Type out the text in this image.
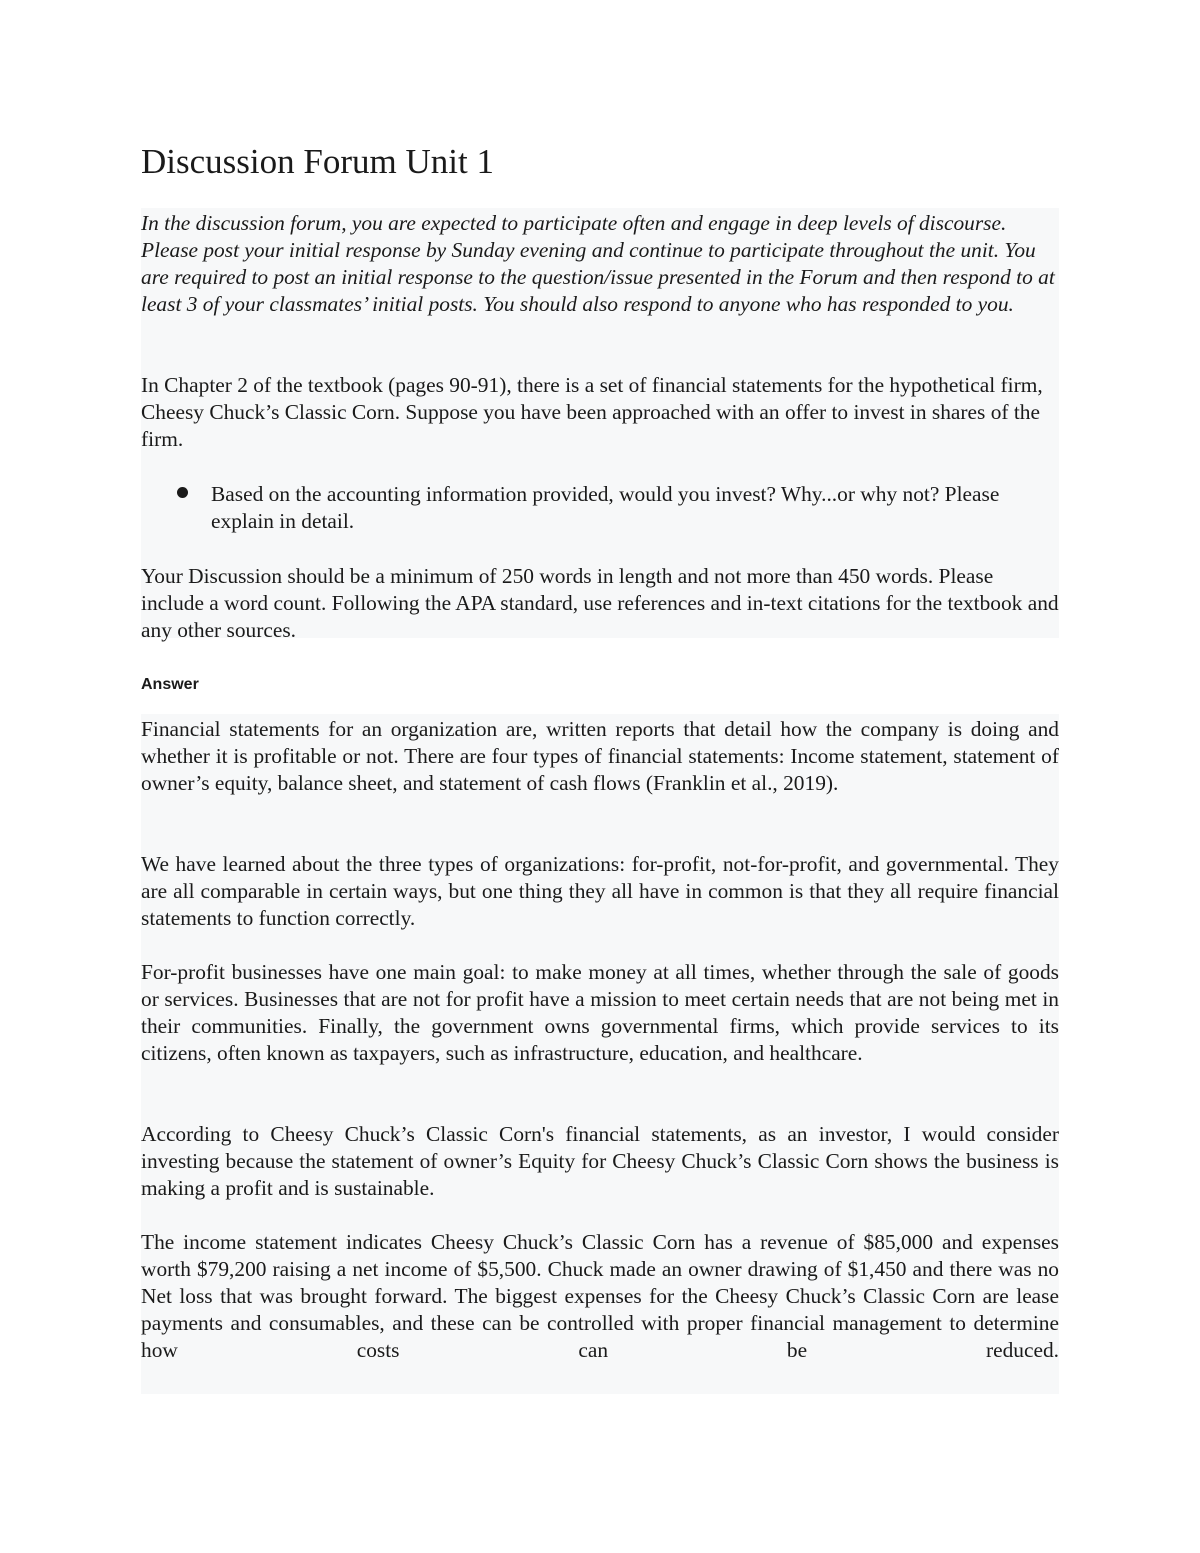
Discussion Forum Unit 1

In the discussion forum, you are expected to participate often and engage in deep levels of discourse. Please post your initial response by Sunday evening and continue to participate throughout the unit. You are required to post an initial response to the question/issue presented in the Forum and then respond to at least 3 of your classmates’ initial posts. You should also respond to anyone who has responded to you.

In Chapter 2 of the textbook (pages 90-91), there is a set of financial statements for the hypothetical firm, Cheesy Chuck’s Classic Corn. Suppose you have been approached with an offer to invest in shares of the firm.

Based on the accounting information provided, would you invest? Why...or why not? Please explain in detail.

Your Discussion should be a minimum of 250 words in length and not more than 450 words. Please include a word count. Following the APA standard, use references and in-text citations for the textbook and any other sources.

Answer

Financial statements for an organization are, written reports that detail how the company is doing and whether it is profitable or not. There are four types of financial statements: Income statement, statement of owner’s equity, balance sheet, and statement of cash flows (Franklin et al., 2019).

We have learned about the three types of organizations: for-profit, not-for-profit, and governmental. They are all comparable in certain ways, but one thing they all have in common is that they all require financial statements to function correctly.

For-profit businesses have one main goal: to make money at all times, whether through the sale of goods or services. Businesses that are not for profit have a mission to meet certain needs that are not being met in their communities. Finally, the government owns governmental firms, which provide services to its citizens, often known as taxpayers, such as infrastructure, education, and healthcare.

According to Cheesy Chuck’s Classic Corn's financial statements, as an investor, I would consider investing because the statement of owner’s Equity for Cheesy Chuck’s Classic Corn shows the business is making a profit and is sustainable.

The income statement indicates Cheesy Chuck’s Classic Corn has a revenue of $85,000 and expenses worth $79,200 raising a net income of $5,500. Chuck made an owner drawing of $1,450 and there was no Net loss that was brought forward. The biggest expenses for the Cheesy Chuck’s Classic Corn are lease payments and consumables, and these can be controlled with proper financial management to determine how costs can be reduced.
